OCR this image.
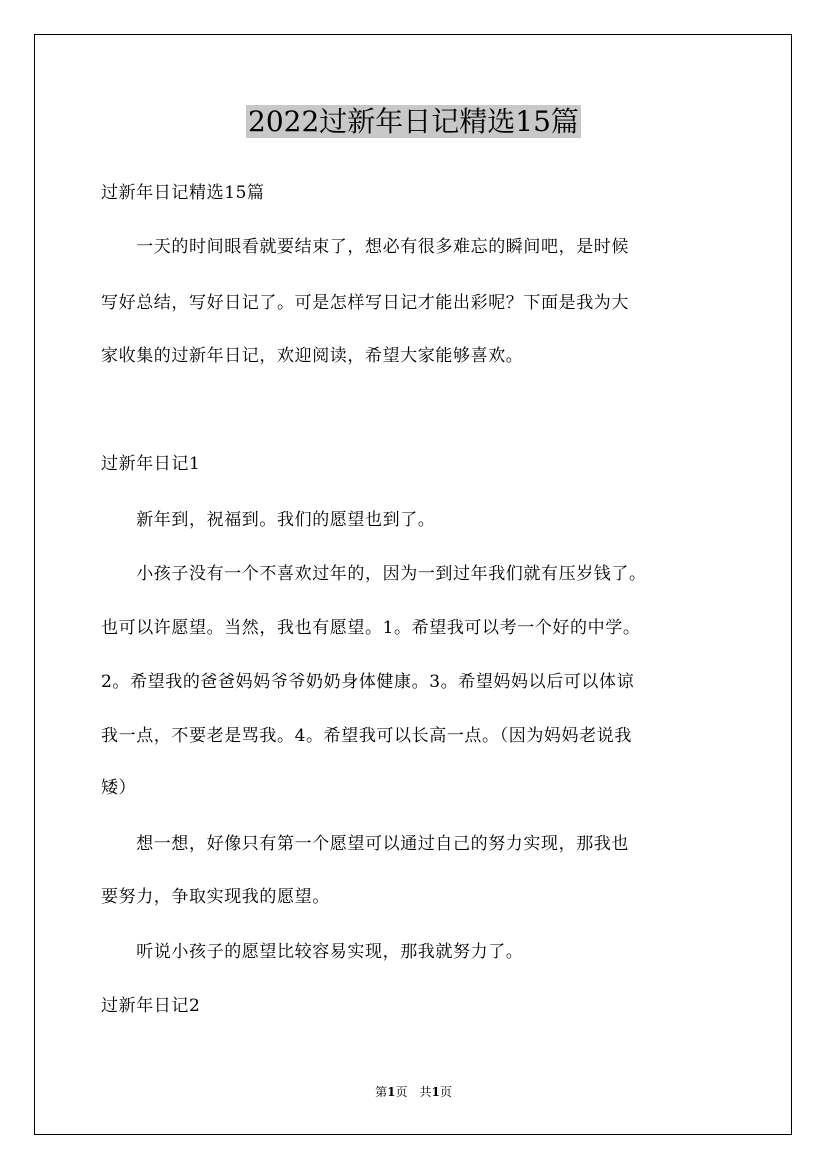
2022过新年日记精选15篇
过新年日记精选15篇
　　一天的时间眼看就要结束了，想必有很多难忘的瞬间吧，是时候
写好总结，写好日记了。可是怎样写日记才能出彩呢？下面是我为大
家收集的过新年日记，欢迎阅读，希望大家能够喜欢。
过新年日记1
　　新年到，祝福到。我们的愿望也到了。
　　小孩子没有一个不喜欢过年的，因为一到过年我们就有压岁钱了。
也可以许愿望。当然，我也有愿望。1。希望我可以考一个好的中学。
2。希望我的爸爸妈妈爷爷奶奶身体健康。3。希望妈妈以后可以体谅
我一点，不要老是骂我。4。希望我可以长高一点。（因为妈妈老说我
矮）
　　想一想，好像只有第一个愿望可以通过自己的努力实现，那我也
要努力，争取实现我的愿望。
　　听说小孩子的愿望比较容易实现，那我就努力了。
过新年日记2
第1页　共1页
